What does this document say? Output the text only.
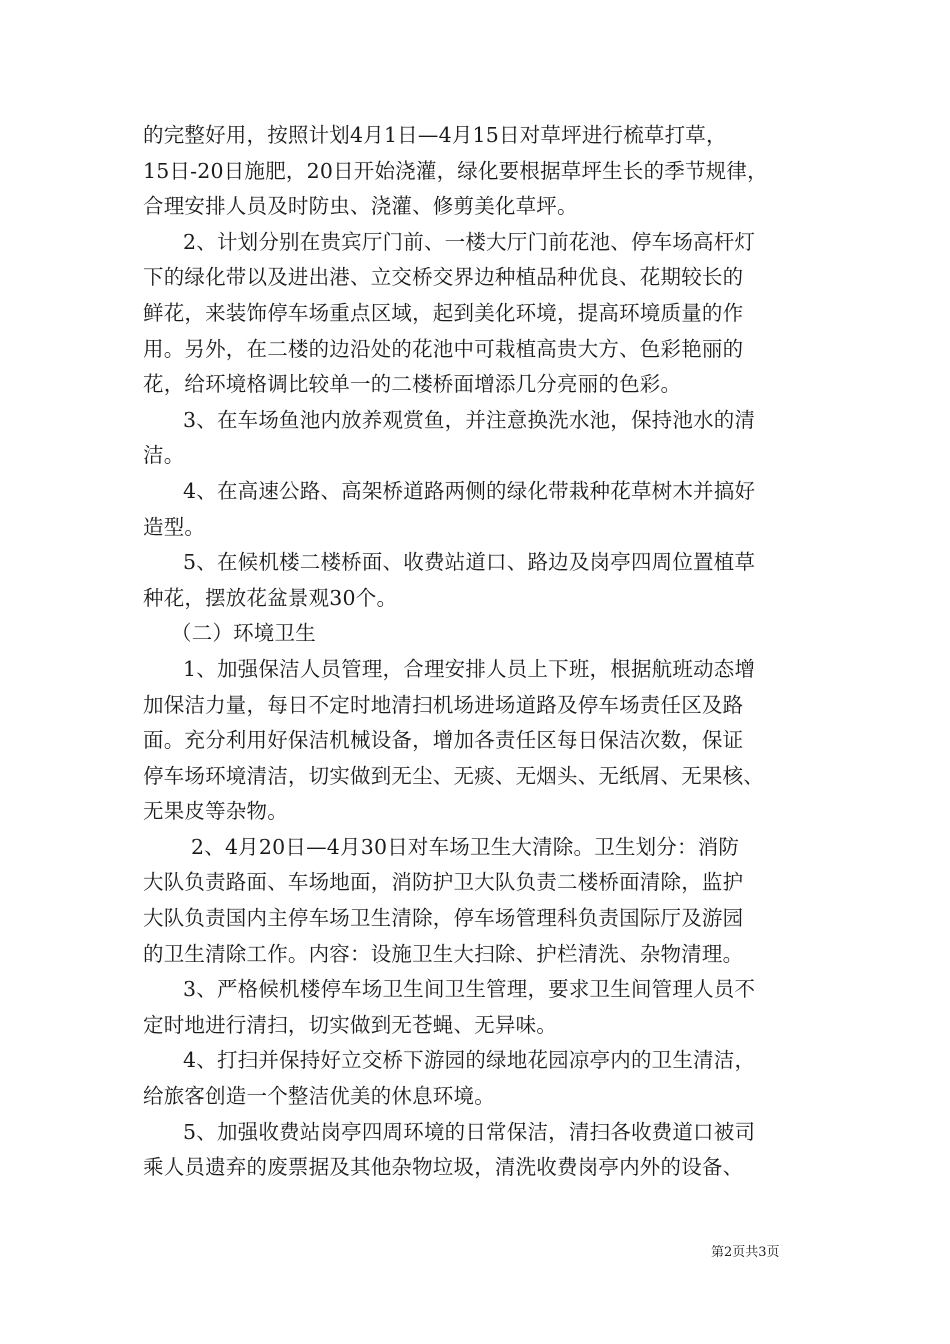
的完整好用，按照计划4月1日—4月15日对草坪进行梳草打草，
15日-20日施肥，20日开始浇灌，绿化要根据草坪生长的季节规律，
合理安排人员及时防虫、浇灌、修剪美化草坪。
2、计划分别在贵宾厅门前、一楼大厅门前花池、停车场高杆灯
下的绿化带以及进出港、立交桥交界边种植品种优良、花期较长的
鲜花，来装饰停车场重点区域，起到美化环境，提高环境质量的作
用。另外，在二楼的边沿处的花池中可栽植高贵大方、色彩艳丽的
花，给环境格调比较单一的二楼桥面增添几分亮丽的色彩。
3、在车场鱼池内放养观赏鱼，并注意换洗水池，保持池水的清
洁。
4、在高速公路、高架桥道路两侧的绿化带栽种花草树木并搞好
造型。
5、在候机楼二楼桥面、收费站道口、路边及岗亭四周位置植草
种花，摆放花盆景观30个。
（二）环境卫生
1、加强保洁人员管理，合理安排人员上下班，根据航班动态增
加保洁力量，每日不定时地清扫机场进场道路及停车场责任区及路
面。充分利用好保洁机械设备，增加各责任区每日保洁次数，保证
停车场环境清洁，切实做到无尘、无痰、无烟头、无纸屑、无果核、
无果皮等杂物。
2、4月20日—4月30日对车场卫生大清除。卫生划分：消防
大队负责路面、车场地面，消防护卫大队负责二楼桥面清除，监护
大队负责国内主停车场卫生清除，停车场管理科负责国际厅及游园
的卫生清除工作。内容：设施卫生大扫除、护栏清洗、杂物清理。
3、严格候机楼停车场卫生间卫生管理，要求卫生间管理人员不
定时地进行清扫，切实做到无苍蝇、无异味。
4、打扫并保持好立交桥下游园的绿地花园凉亭内的卫生清洁，
给旅客创造一个整洁优美的休息环境。
5、加强收费站岗亭四周环境的日常保洁，清扫各收费道口被司
乘人员遗弃的废票据及其他杂物垃圾，清洗收费岗亭内外的设备、
第2页共3页
